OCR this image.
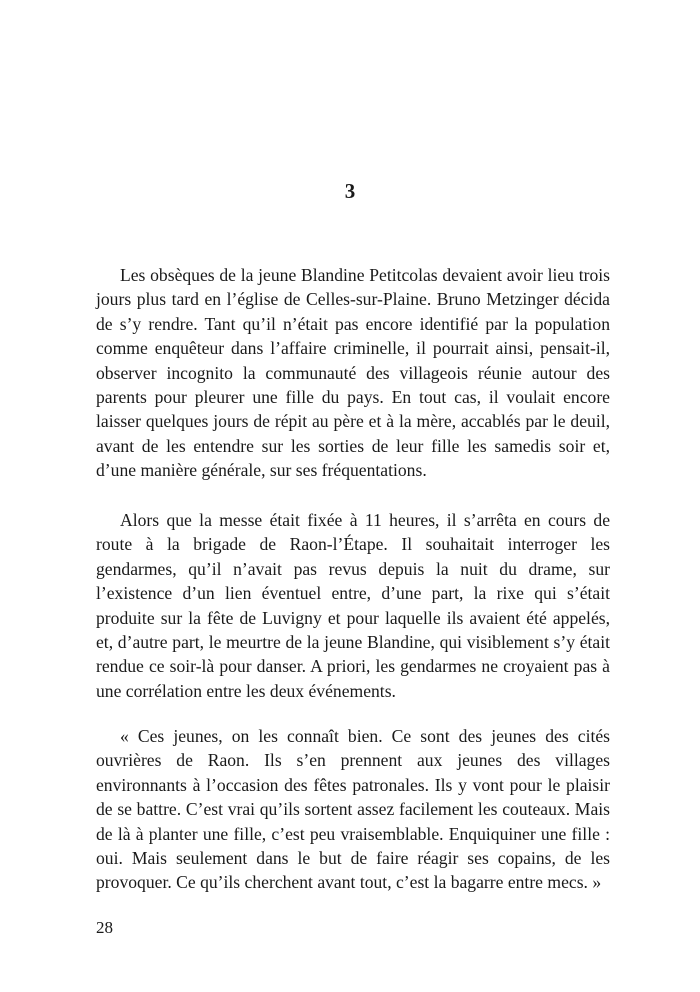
3

Les obsèques de la jeune Blandine Petitcolas devaient avoir lieu trois jours plus tard en l’église de Celles-sur-Plaine. Bruno Metzinger décida de s’y rendre. Tant qu’il n’était pas encore identifié par la population comme enquêteur dans l’affaire criminelle, il pourrait ainsi, pensait-il, observer incognito la communauté des villageois réunie autour des parents pour pleurer une fille du pays. En tout cas, il voulait encore laisser quelques jours de répit au père et à la mère, accablés par le deuil, avant de les entendre sur les sorties de leur fille les samedis soir et, d’une manière générale, sur ses fréquentations.

Alors que la messe était fixée à 11 heures, il s’arrêta en cours de route à la brigade de Raon-l’Étape. Il souhaitait interroger les gendarmes, qu’il n’avait pas revus depuis la nuit du drame, sur l’existence d’un lien éventuel entre, d’une part, la rixe qui s’était produite sur la fête de Luvigny et pour laquelle ils avaient été appelés, et, d’autre part, le meurtre de la jeune Blandine, qui visiblement s’y était rendue ce soir-là pour danser. A priori, les gendarmes ne croyaient pas à une corrélation entre les deux événements.

« Ces jeunes, on les connaît bien. Ce sont des jeunes des cités ouvrières de Raon. Ils s’en prennent aux jeunes des villages environnants à l’occasion des fêtes patronales. Ils y vont pour le plaisir de se battre. C’est vrai qu’ils sortent assez facilement les couteaux. Mais de là à planter une fille, c’est peu vraisemblable. Enquiquiner une fille : oui. Mais seulement dans le but de faire réagir ses copains, de les provoquer. Ce qu’ils cherchent avant tout, c’est la bagarre entre mecs. »

28
